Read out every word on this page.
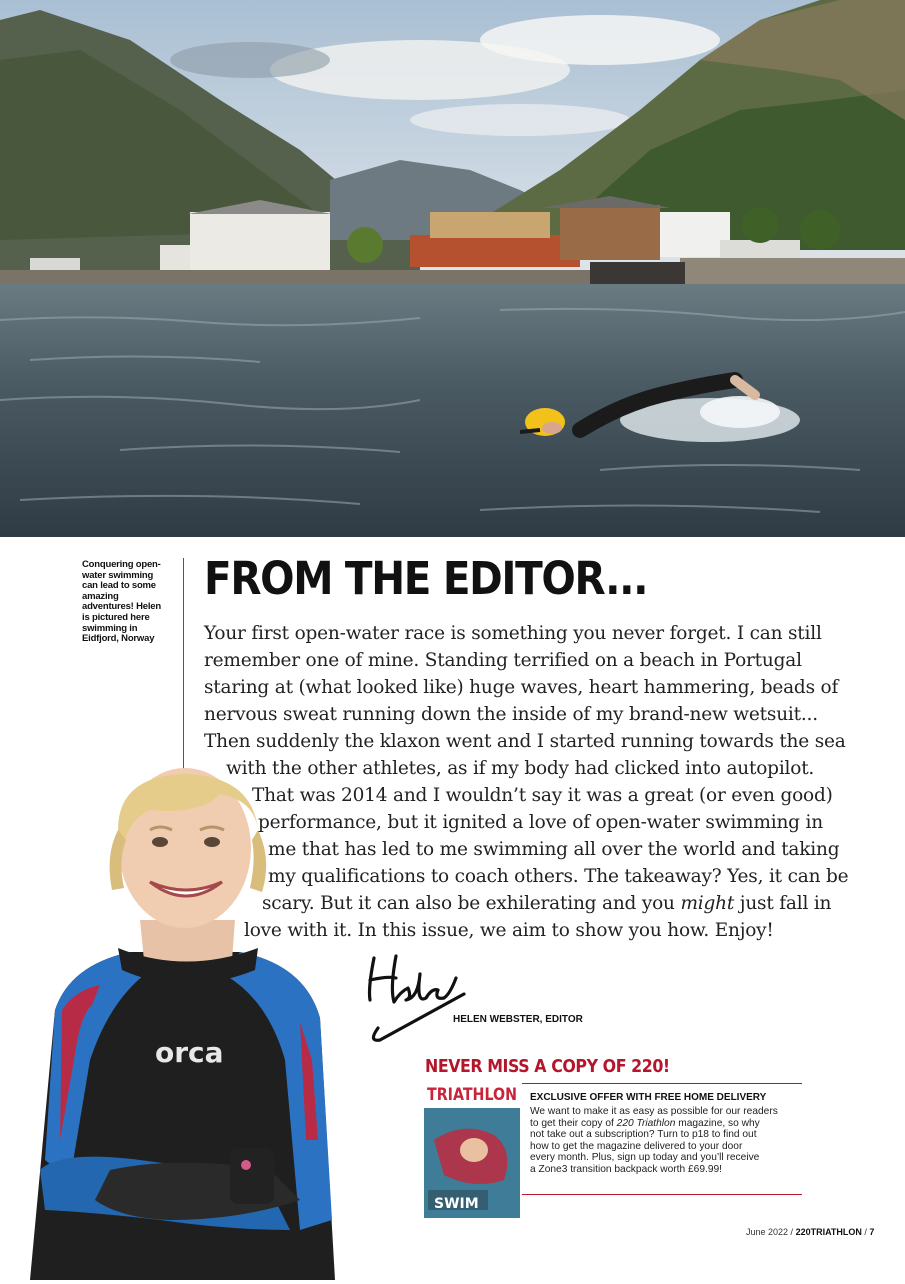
Conquering open-water swimming can lead to some amazing adventures! Helen is pictured here swimming in Eidfjord, Norway
FROM THE EDITOR...
orca
Your first open-water race is something you never forget. I can still
remember one of mine. Standing terrified on a beach in Portugal
staring at (what looked like) huge waves, heart hammering, beads of
nervous sweat running down the inside of my brand-new wetsuit...
Then suddenly the klaxon went and I started running towards the sea
with the other athletes, as if my body had clicked into autopilot.
That was 2014 and I wouldn’t say it was a great (or even good)
performance, but it ignited a love of open-water swimming in
me that has led to me swimming all over the world and taking
my qualifications to coach others. The takeaway? Yes, it can be
scary. But it can also be exhilerating and you might just fall in
love with it. In this issue, we aim to show you how. Enjoy!
HELEN WEBSTER, EDITOR
NEVER MISS A COPY OF 220!
TRIATHLON
SWIM
EXCLUSIVE OFFER WITH FREE HOME DELIVERY
We want to make it as easy as possible for our readers
to get their copy of 220 Triathlon magazine, so why
not take out a subscription? Turn to p18 to find out
how to get the magazine delivered to your door
every month. Plus, sign up today and you’ll receive
a Zone3 transition backpack worth £69.99!
June 2022 / 220TRIATHLON / 7
